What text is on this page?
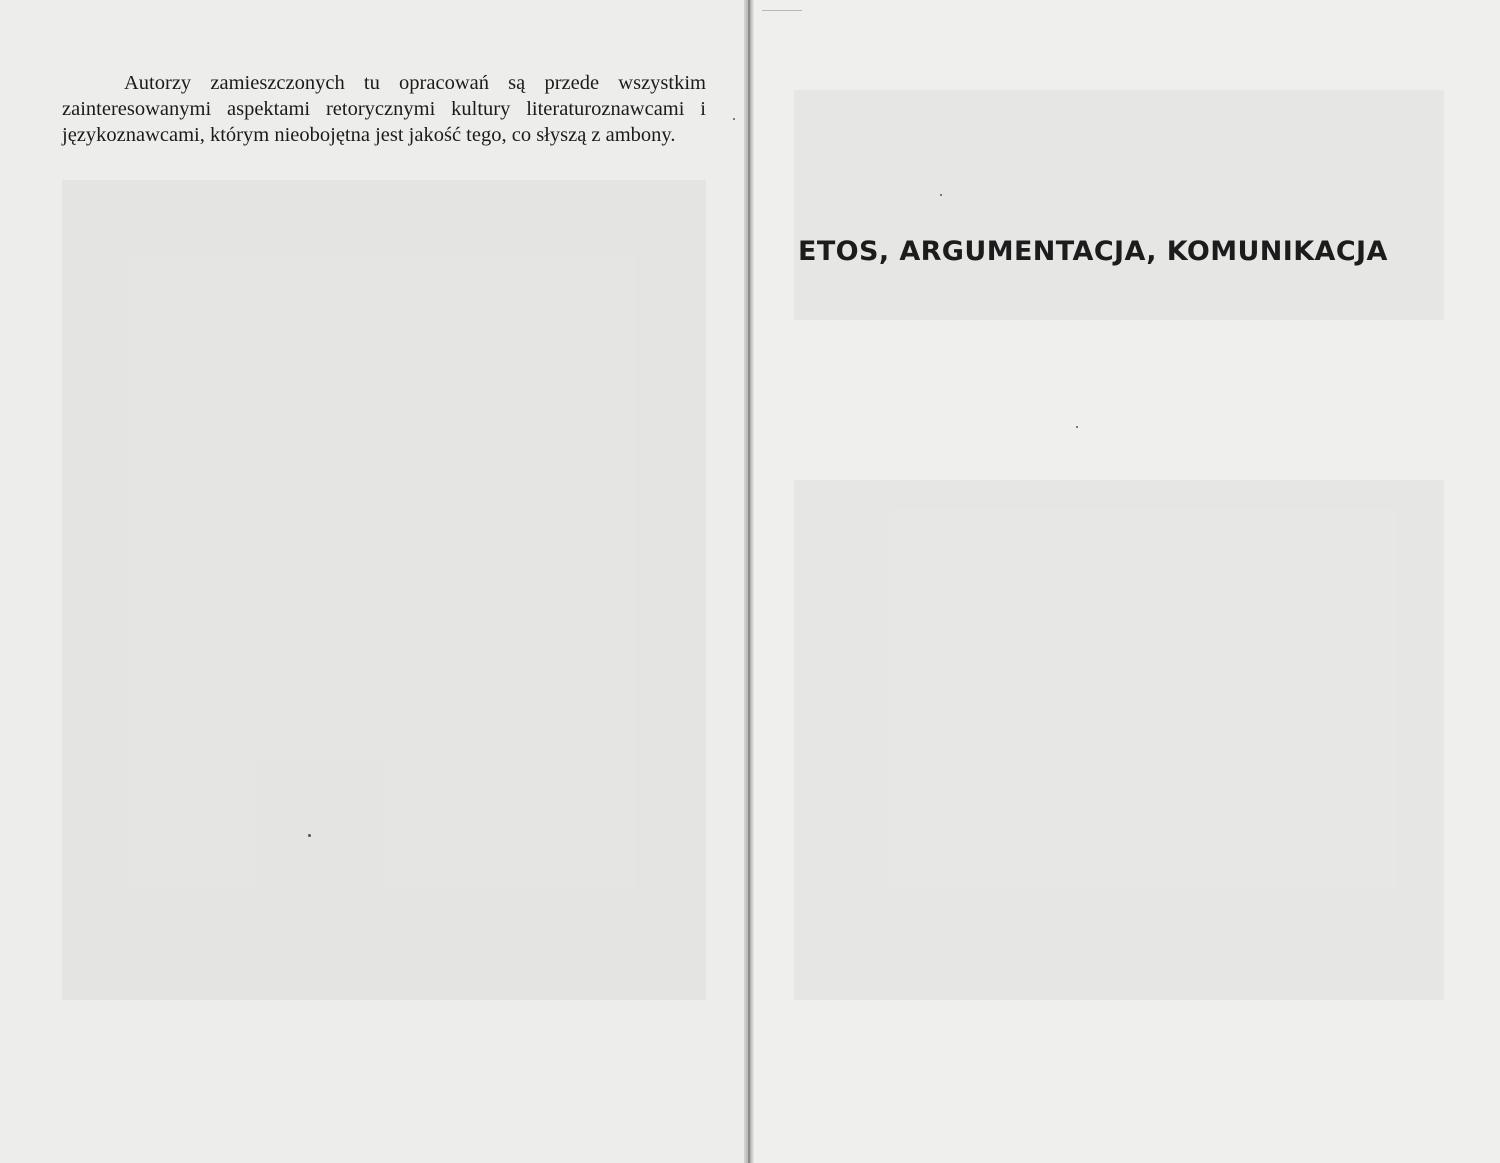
Autorzy zamieszczonych tu opracowań są przede wszystkim zainteresowanymi aspektami retorycznymi kultury literaturoznawcami i językoznawcami, którym nieobojętna jest jakość tego, co słyszą z ambony.

ETOS, ARGUMENTACJA, KOMUNIKACJA
